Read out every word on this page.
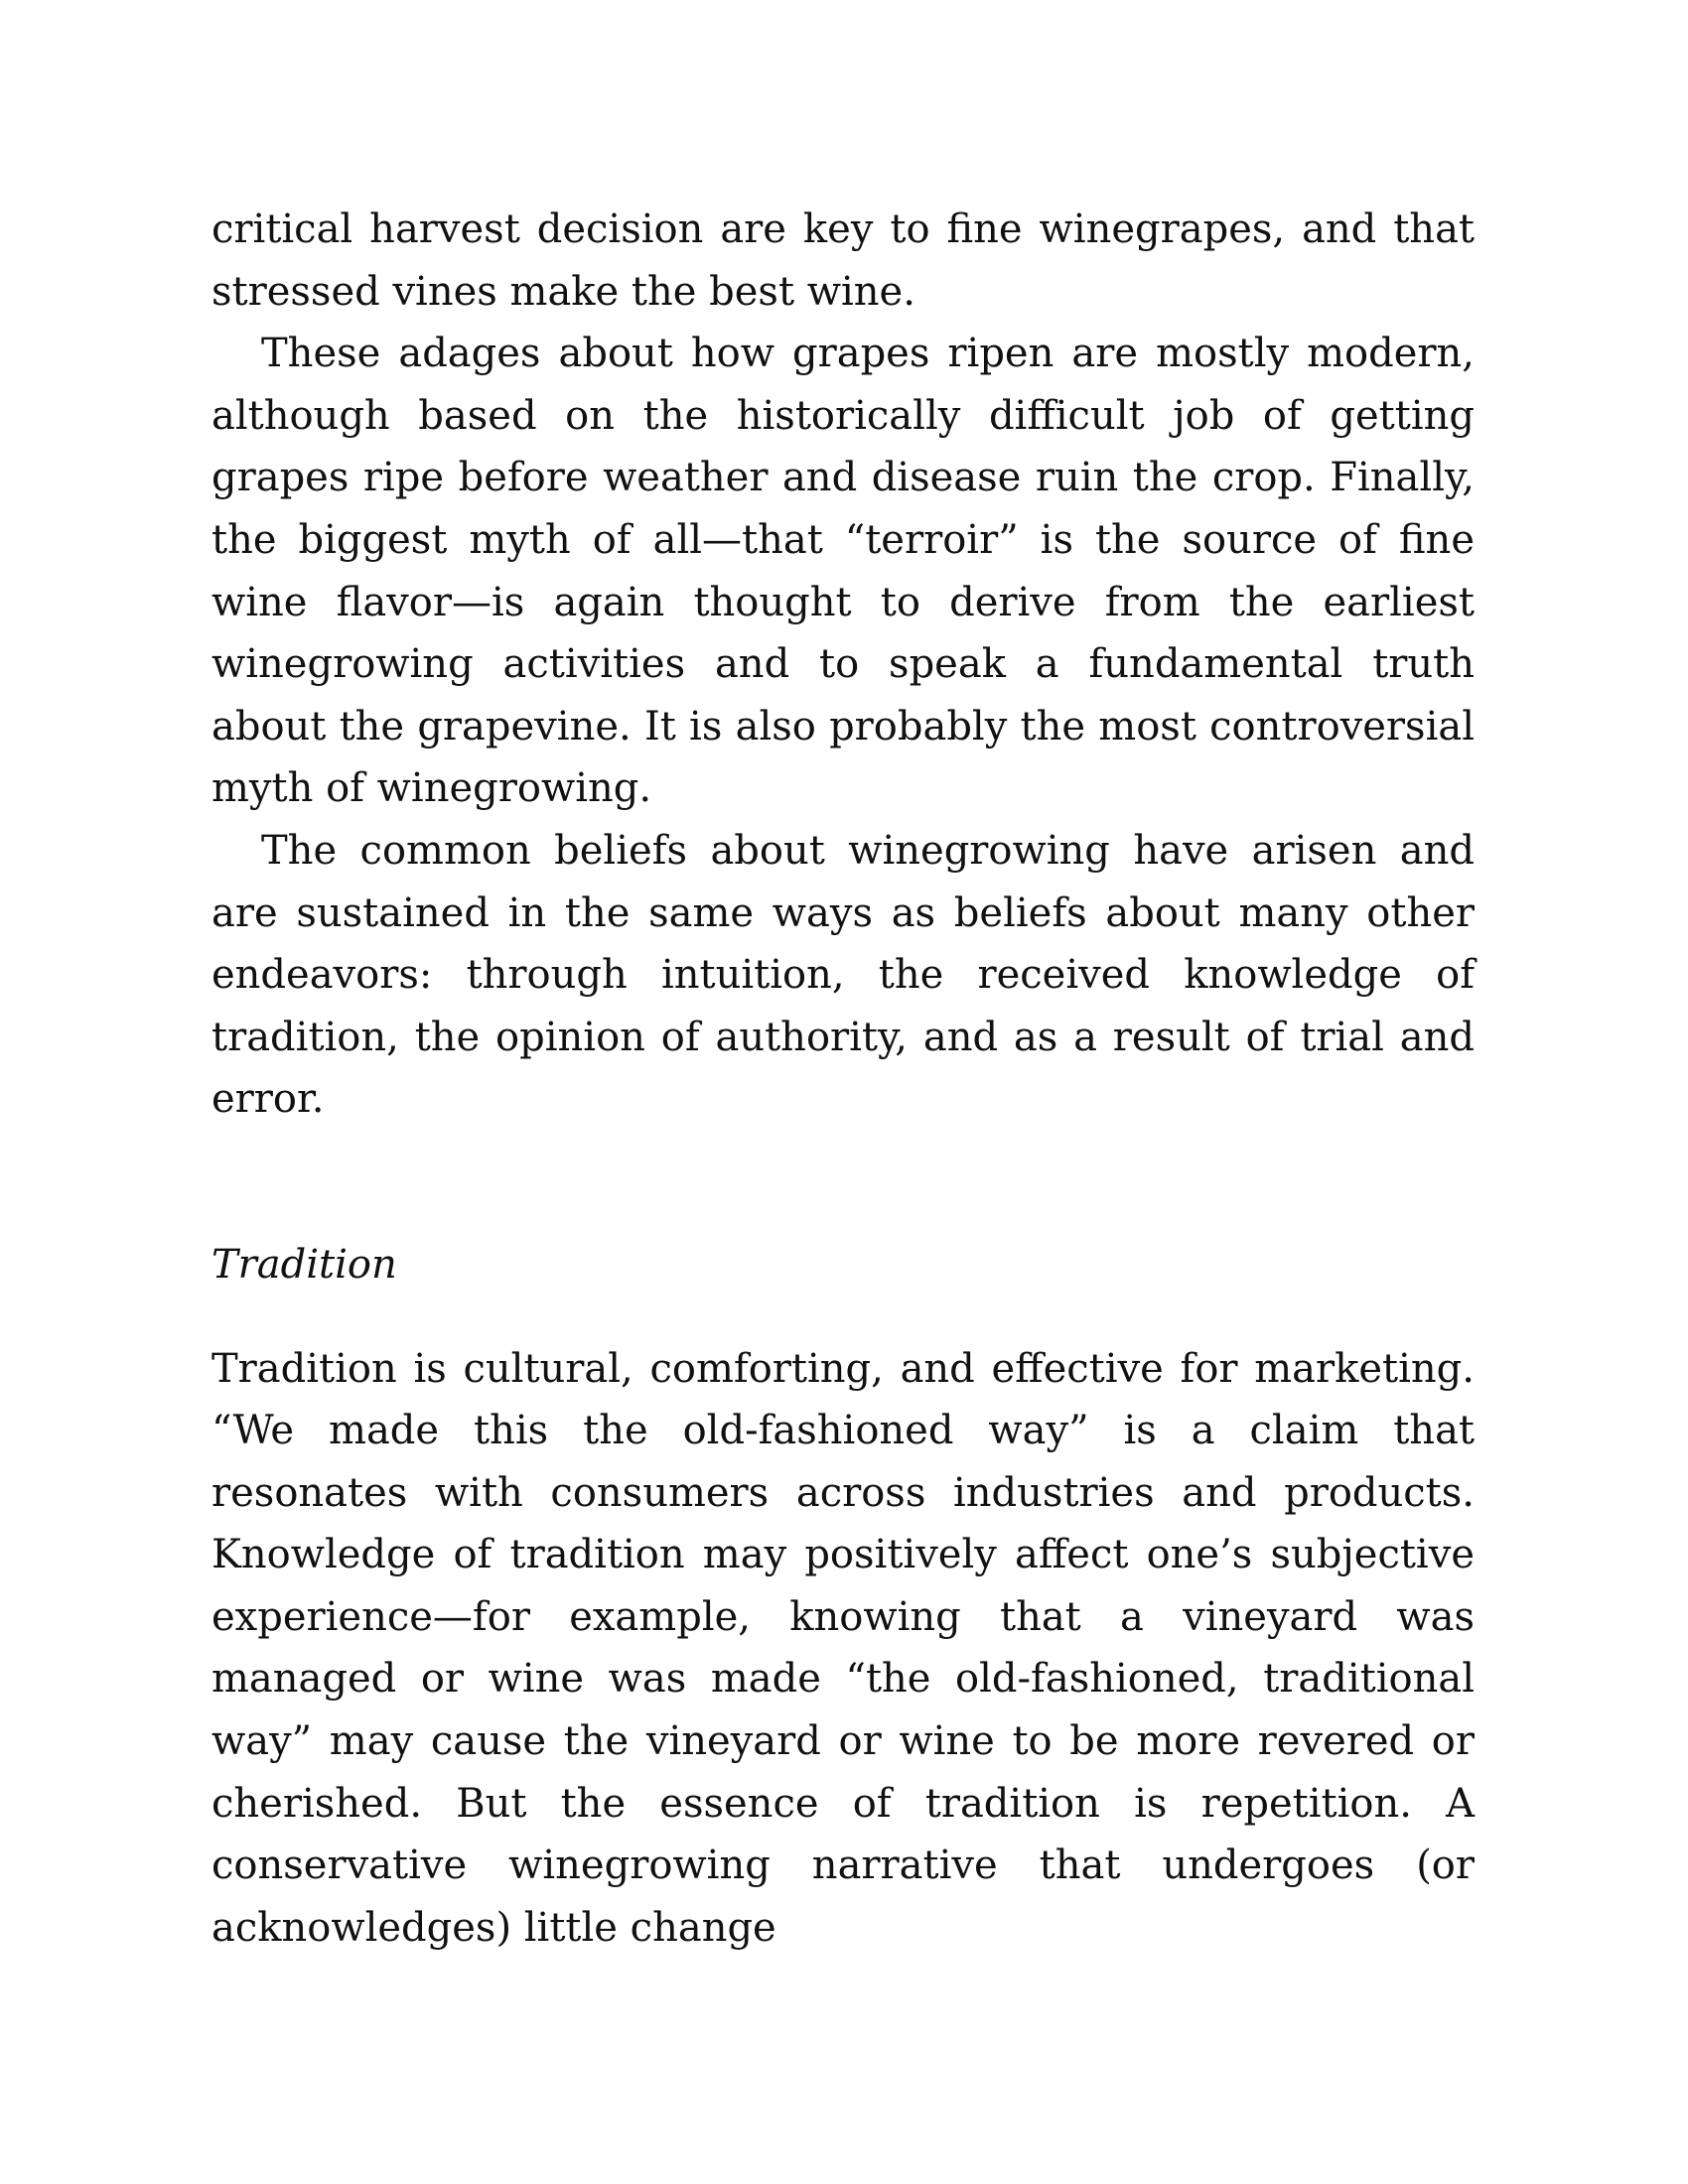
critical harvest decision are key to fine winegrapes, and that stressed vines make the best wine.

These adages about how grapes ripen are mostly modern, although based on the historically difficult job of getting grapes ripe before weather and disease ruin the crop. Finally, the biggest myth of all—that “terroir” is the source of fine wine flavor—is again thought to derive from the earliest winegrowing activities and to speak a fundamental truth about the grapevine. It is also probably the most controversial myth of winegrowing.

The common beliefs about winegrowing have arisen and are sustained in the same ways as beliefs about many other endeavors: through intuition, the received knowledge of tradition, the opinion of authority, and as a result of trial and error.

Tradition

Tradition is cultural, comforting, and effective for marketing. “We made this the old-fashioned way” is a claim that resonates with consumers across industries and products. Knowledge of tradition may positively affect one’s subjective experience—for example, knowing that a vineyard was managed or wine was made “the old-fashioned, traditional way” may cause the vineyard or wine to be more revered or cherished. But the essence of tradition is repetition. A conservative winegrowing narrative that undergoes (or acknowledges) little change
